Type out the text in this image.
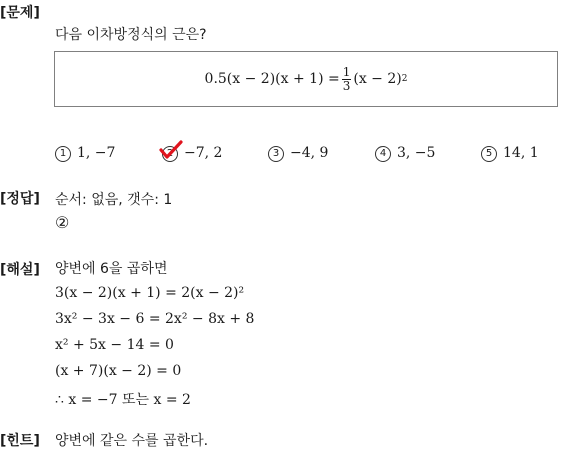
[문제]
다음 이차방정식의 근은?
$0.5(x - 2)(x + 1) = \frac{1}{3} (x - 2)$ 2
1 1, −7	2 −7, 2	3 −4, 9	4 3, −5	5 14, 1
[정답] 순서: 없음, 갯수: 1
②
[해설] 양변에 6을 곱하면
3(x − 2)(x + 1) = 2(x − 2)²
3x² − 3x − 6 = 2x² − 8x + 8
x² + 5x − 14 = 0
(x + 7)(x − 2) = 0
∴ x = −7 또는 x = 2
[힌트] 양변에 같은 수를 곱한다.
